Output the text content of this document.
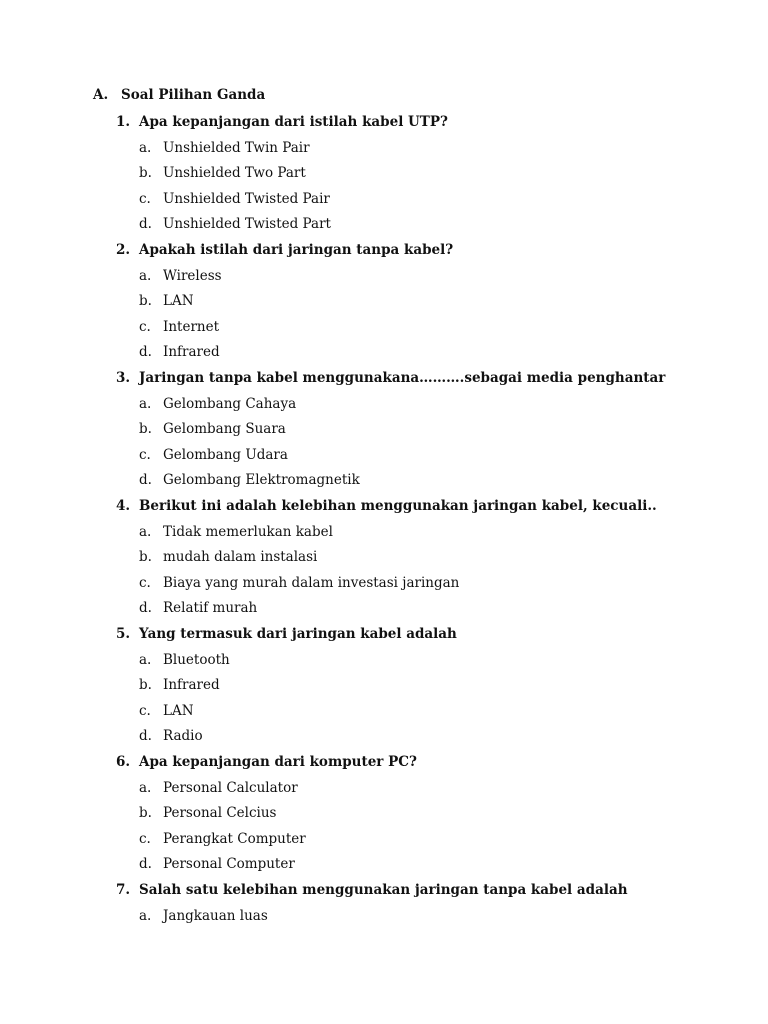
A. Soal Pilihan Ganda
1. Apa kepanjangan dari istilah kabel UTP?
a. Unshielded Twin Pair
b. Unshielded Two Part
c. Unshielded Twisted Pair
d. Unshielded Twisted Part
2. Apakah istilah dari jaringan tanpa kabel?
a. Wireless
b. LAN
c. Internet
d. Infrared
3. Jaringan tanpa kabel menggunakana……….sebagai media penghantar
a. Gelombang Cahaya
b. Gelombang Suara
c. Gelombang Udara
d. Gelombang Elektromagnetik
4. Berikut ini adalah kelebihan menggunakan jaringan kabel, kecuali..
a. Tidak memerlukan kabel
b. mudah dalam instalasi
c. Biaya yang murah dalam investasi jaringan
d. Relatif murah
5. Yang termasuk dari jaringan kabel adalah
a. Bluetooth
b. Infrared
c. LAN
d. Radio
6. Apa kepanjangan dari komputer PC?
a. Personal Calculator
b. Personal Celcius
c. Perangkat Computer
d. Personal Computer
7. Salah satu kelebihan menggunakan jaringan tanpa kabel adalah
a. Jangkauan luas
